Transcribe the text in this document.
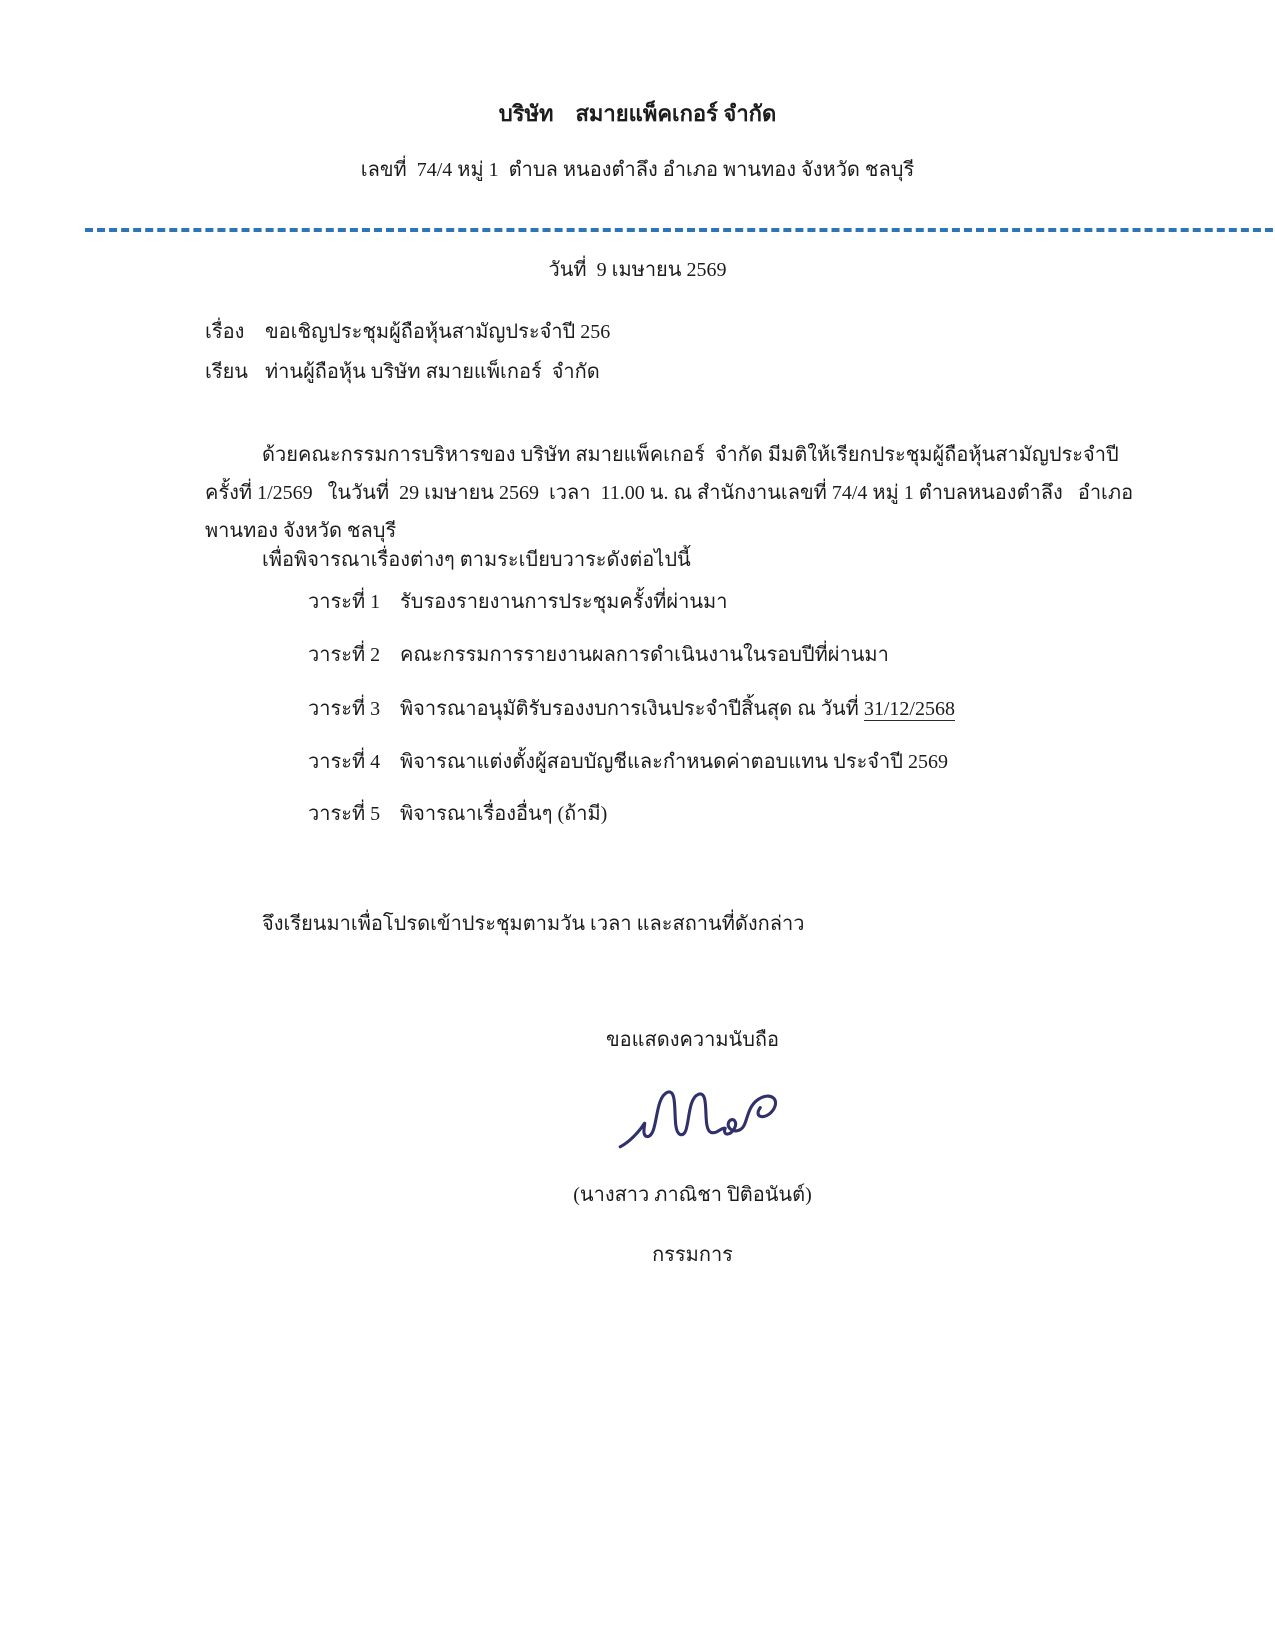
บริษัท    สมายแพ็คเกอร์ จำกัด
เลขที่  74/4 หมู่ 1  ตำบล หนองตำลึง อำเภอ พานทอง จังหวัด ชลบุรี
วันที่  9 เมษายน 2569
เรื่อง ขอเชิญประชุมผู้ถือหุ้นสามัญประจำปี 256
เรียน ท่านผู้ถือหุ้น บริษัท สมายแพ็เกอร์  จำกัด
ด้วยคณะกรรมการบริหารของ บริษัท สมายแพ็คเกอร์  จำกัด มีมติให้เรียกประชุมผู้ถือหุ้นสามัญประจำปี
ครั้งที่ 1/2569   ในวันที่  29 เมษายน 2569  เวลา  11.00 น. ณ สำนักงานเลขที่ 74/4 หมู่ 1 ตำบลหนองตำลึง   อำเภอ
พานทอง จังหวัด ชลบุรี
เพื่อพิจารณาเรื่องต่างๆ ตามระเบียบวาระดังต่อไปนี้
วาระที่ 1 รับรองรายงานการประชุมครั้งที่ผ่านมา
วาระที่ 2 คณะกรรมการรายงานผลการดำเนินงานในรอบปีที่ผ่านมา
วาระที่ 3 พิจารณาอนุมัติรับรองงบการเงินประจำปีสิ้นสุด ณ วันที่ 31/12/2568
วาระที่ 4 พิจารณาแต่งตั้งผู้สอบบัญชีและกำหนดค่าตอบแทน ประจำปี 2569
วาระที่ 5 พิจารณาเรื่องอื่นๆ (ถ้ามี)
จึงเรียนมาเพื่อโปรดเข้าประชุมตามวัน เวลา และสถานที่ดังกล่าว
ขอแสดงความนับถือ
(นางสาว ภาณิชา ปิติอนันต์)
กรรมการ
